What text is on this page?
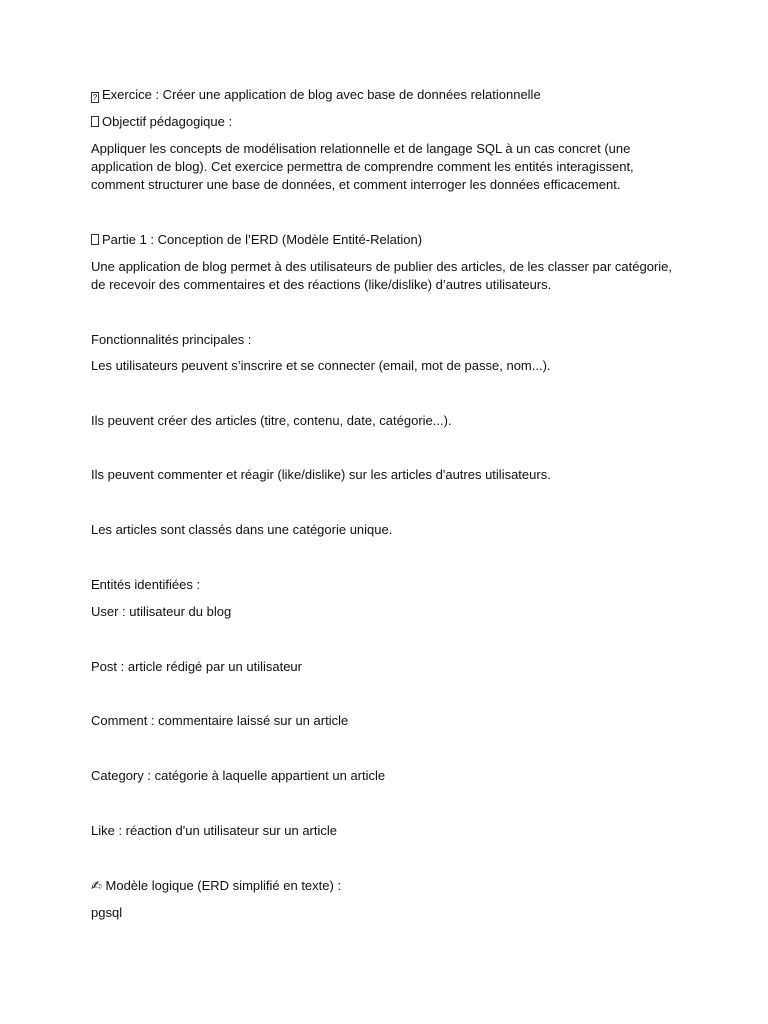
? Exercice : Créer une application de blog avec base de données relationnelle
Objectif pédagogique :
Appliquer les concepts de modélisation relationnelle et de langage SQL à un cas concret (une
application de blog). Cet exercice permettra de comprendre comment les entités interagissent,
comment structurer une base de données, et comment interroger les données efficacement.
Partie 1 : Conception de l’ERD (Modèle Entité-Relation)
Une application de blog permet à des utilisateurs de publier des articles, de les classer par catégorie,
de recevoir des commentaires et des réactions (like/dislike) d’autres utilisateurs.
Fonctionnalités principales :
Les utilisateurs peuvent s’inscrire et se connecter (email, mot de passe, nom...).
Ils peuvent créer des articles (titre, contenu, date, catégorie...).
Ils peuvent commenter et réagir (like/dislike) sur les articles d'autres utilisateurs.
Les articles sont classés dans une catégorie unique.
Entités identifiées :
User : utilisateur du blog
Post : article rédigé par un utilisateur
Comment : commentaire laissé sur un article
Category : catégorie à laquelle appartient un article
Like : réaction d'un utilisateur sur un article
✍ Modèle logique (ERD simplifié en texte) :
pgsql
